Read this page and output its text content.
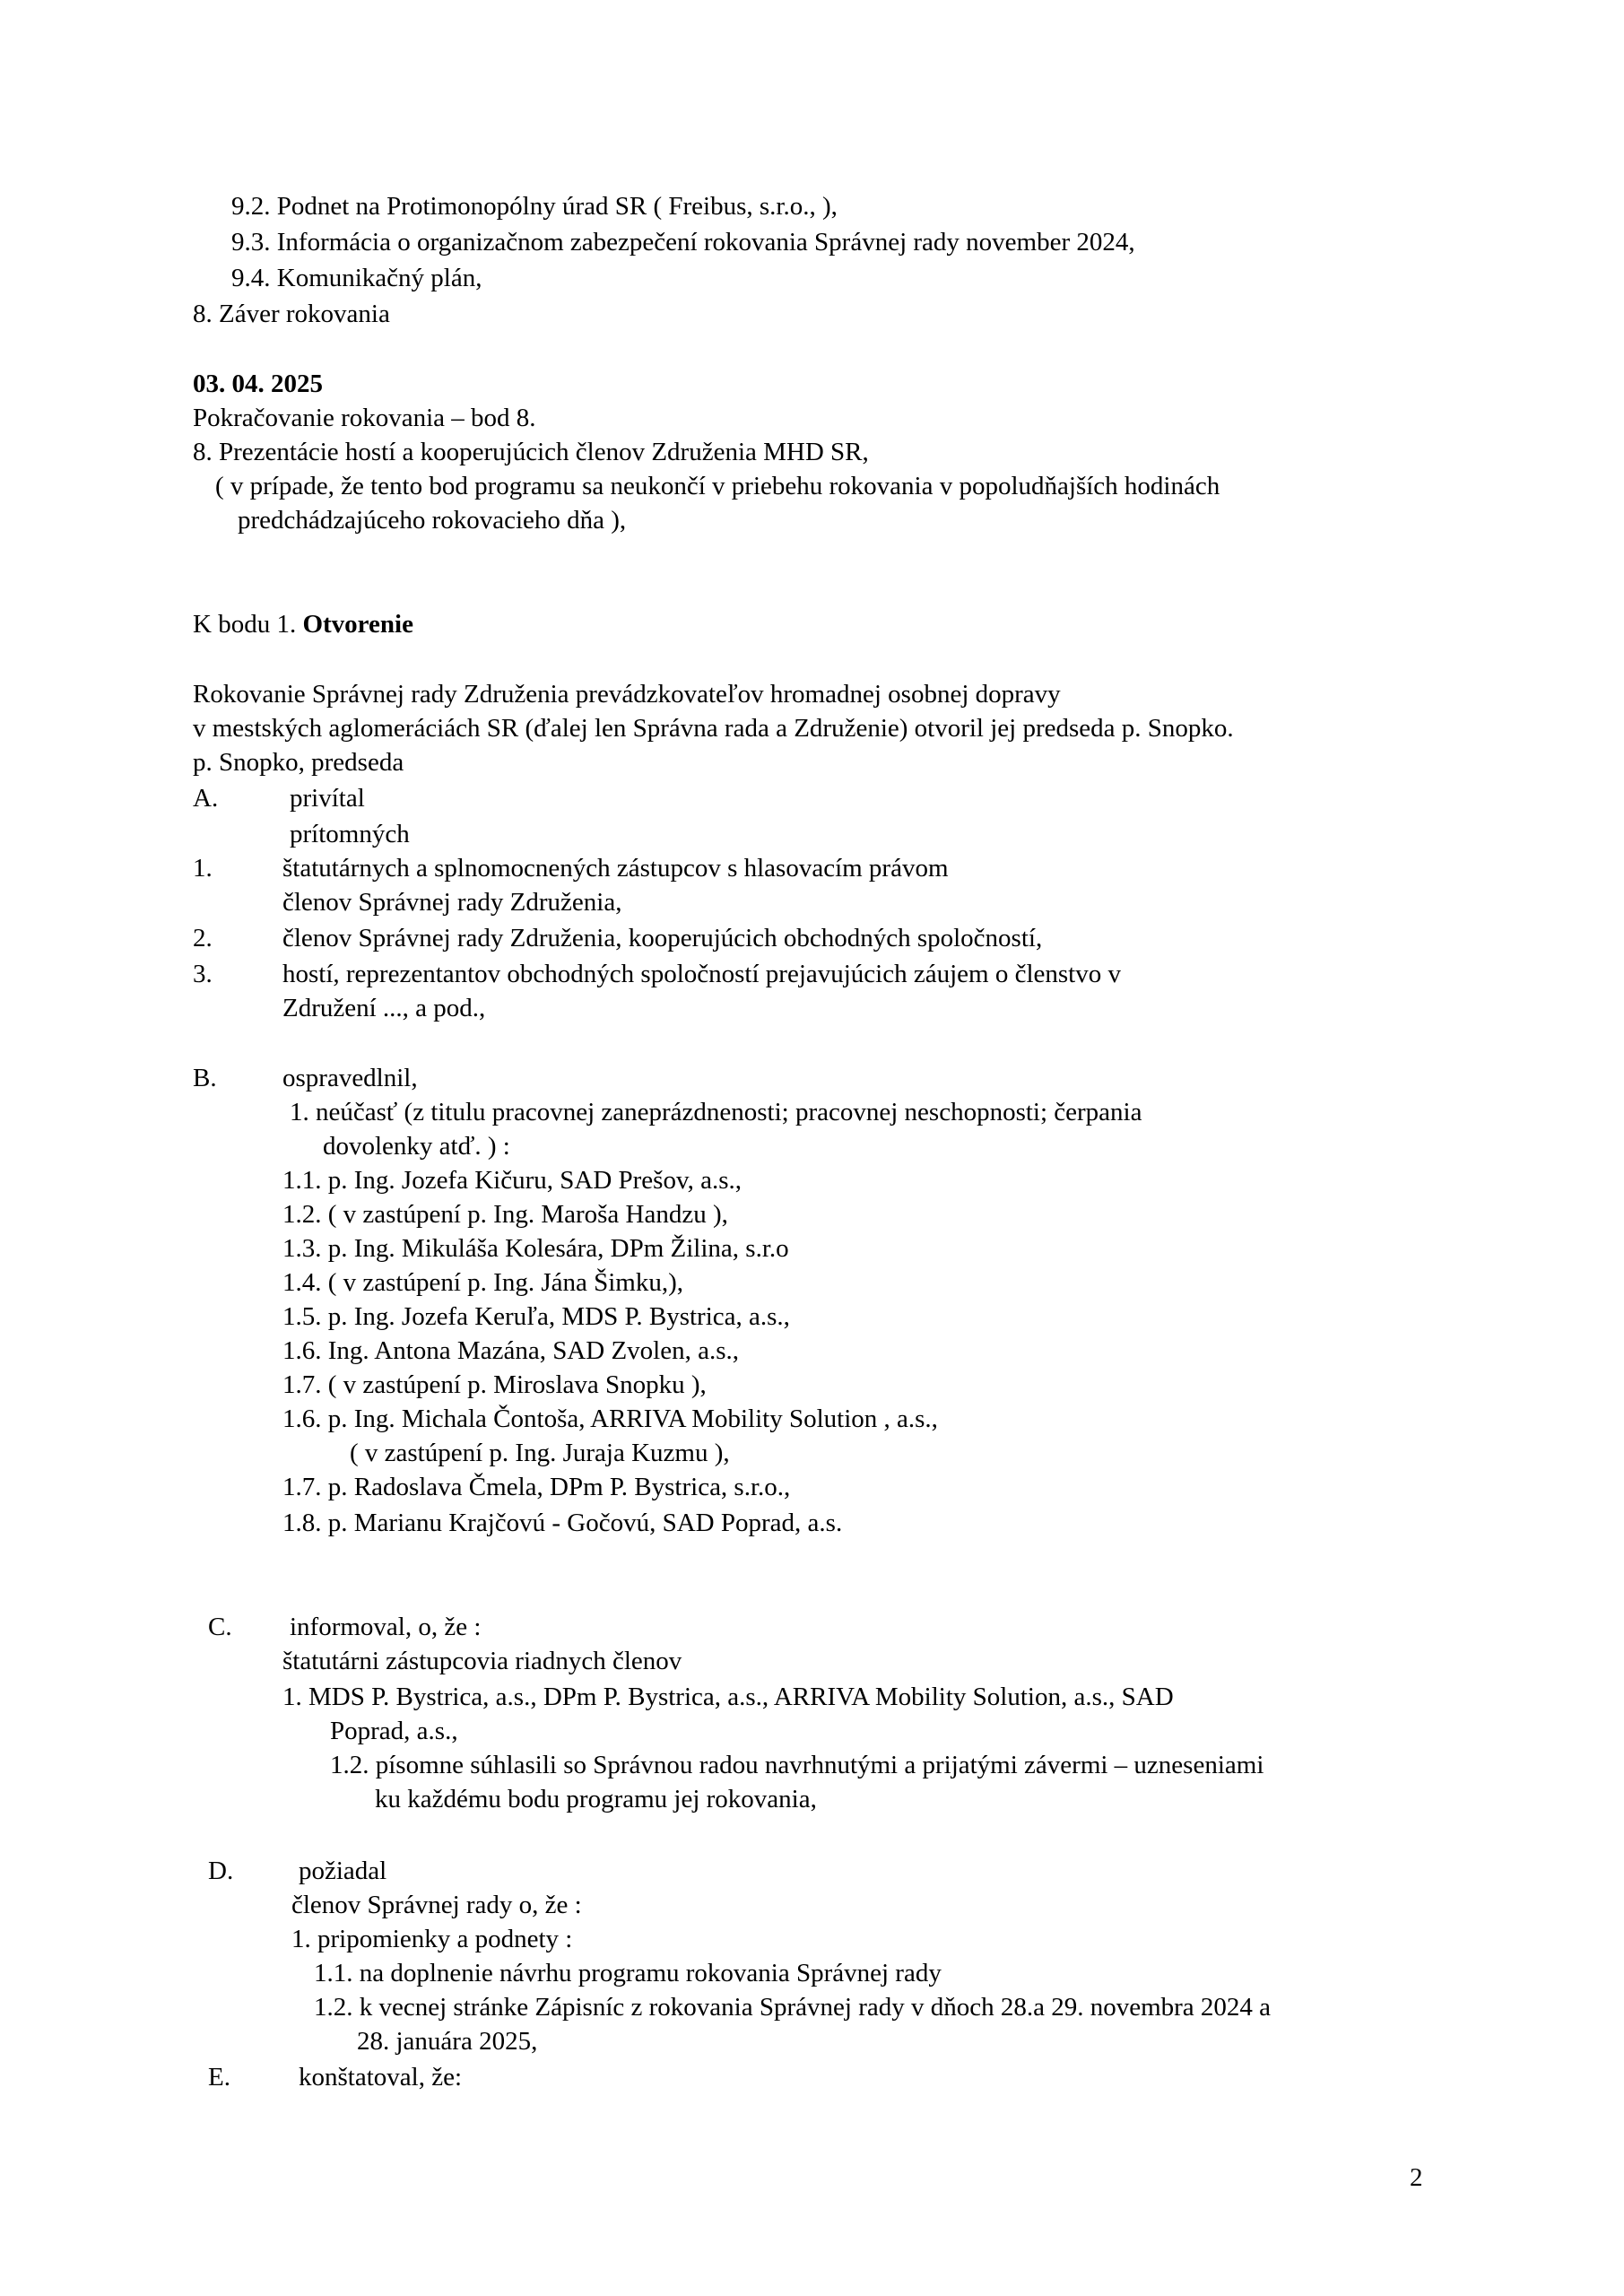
9.2. Podnet na Protimonopólny úrad SR ( Freibus, s.r.o., ),
9.3. Informácia o organizačnom zabezpečení rokovania Správnej rady november 2024,
9.4. Komunikačný plán,
8. Záver rokovania
03. 04. 2025
Pokračovanie rokovania – bod 8.
8. Prezentácie hostí a kooperujúcich členov Združenia MHD SR,
( v prípade, že tento bod programu sa neukončí v priebehu rokovania v popoludňajších hodinách
predchádzajúceho rokovacieho dňa ),
K bodu 1. Otvorenie
Rokovanie Správnej rady Združenia prevádzkovateľov hromadnej osobnej dopravy
v mestských aglomeráciách SR (ďalej len Správna rada a Združenie) otvoril jej predseda p. Snopko.
p. Snopko, predseda
A.	privítal
prítomných
1.	štatutárnych a splnomocnených zástupcov s hlasovacím právom
členov Správnej rady Združenia,
2.	členov Správnej rady Združenia, kooperujúcich obchodných spoločností,
3.	hostí, reprezentantov obchodných spoločností prejavujúcich záujem o členstvo v
Združení ..., a pod.,
B.	ospravedlnil,
1. neúčasť (z titulu pracovnej zaneprázdnenosti; pracovnej neschopnosti; čerpania
dovolenky atď. ) :
1.1. p. Ing. Jozefa Kičuru, SAD Prešov, a.s.,
1.2. ( v zastúpení p. Ing. Maroša Handzu ),
1.3. p. Ing. Mikuláša Kolesára, DPm Žilina, s.r.o
1.4. ( v zastúpení p. Ing. Jána Šimku,),
1.5. p. Ing. Jozefa Keruľa, MDS P. Bystrica, a.s.,
1.6. Ing. Antona Mazána, SAD Zvolen, a.s.,
1.7. ( v zastúpení p. Miroslava Snopku ),
1.6. p. Ing. Michala Čontoša, ARRIVA Mobility Solution , a.s.,
( v zastúpení p. Ing. Juraja Kuzmu ),
1.7. p. Radoslava Čmela, DPm P. Bystrica, s.r.o.,
1.8. p. Marianu Krajčovú - Gočovú, SAD Poprad, a.s.
C. informoval, o, že :
štatutárni zástupcovia riadnych členov
1. MDS P. Bystrica, a.s., DPm P. Bystrica, a.s., ARRIVA Mobility Solution, a.s., SAD
Poprad, a.s.,
1.2. písomne súhlasili so Správnou radou navrhnutými a prijatými závermi – uzneseniami
ku každému bodu programu jej rokovania,
D.	požiadal
členov Správnej rady o, že :
1. pripomienky a podnety :
1.1. na doplnenie návrhu programu rokovania Správnej rady
1.2. k vecnej stránke Zápisníc z rokovania Správnej rady v dňoch 28.a 29. novembra 2024 a
28. januára 2025,
E.	konštatoval, že:
2
